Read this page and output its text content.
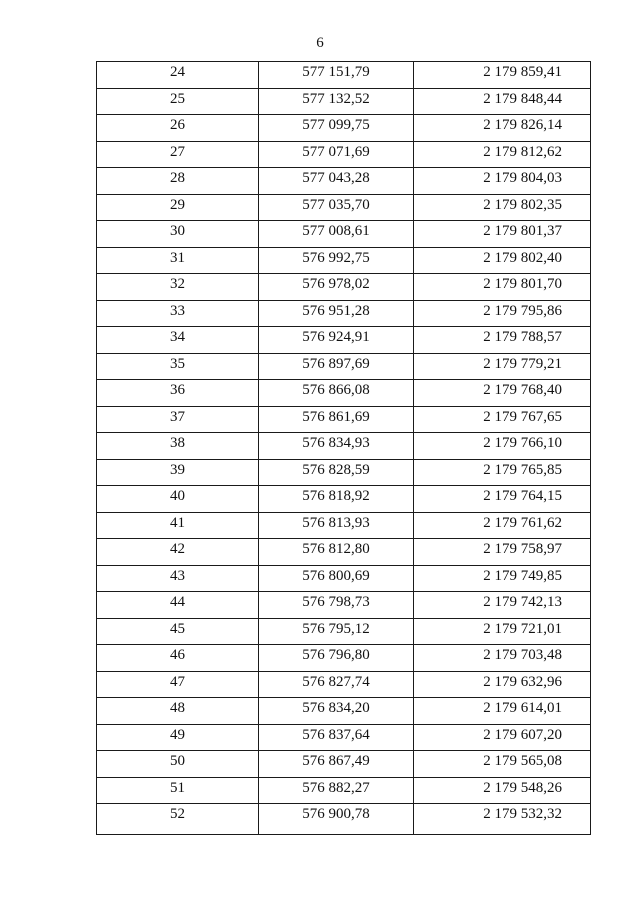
6
24	577 151,79	2 179 859,41
25	577 132,52	2 179 848,44
26	577 099,75	2 179 826,14
27	577 071,69	2 179 812,62
28	577 043,28	2 179 804,03
29	577 035,70	2 179 802,35
30	577 008,61	2 179 801,37
31	576 992,75	2 179 802,40
32	576 978,02	2 179 801,70
33	576 951,28	2 179 795,86
34	576 924,91	2 179 788,57
35	576 897,69	2 179 779,21
36	576 866,08	2 179 768,40
37	576 861,69	2 179 767,65
38	576 834,93	2 179 766,10
39	576 828,59	2 179 765,85
40	576 818,92	2 179 764,15
41	576 813,93	2 179 761,62
42	576 812,80	2 179 758,97
43	576 800,69	2 179 749,85
44	576 798,73	2 179 742,13
45	576 795,12	2 179 721,01
46	576 796,80	2 179 703,48
47	576 827,74	2 179 632,96
48	576 834,20	2 179 614,01
49	576 837,64	2 179 607,20
50	576 867,49	2 179 565,08
51	576 882,27	2 179 548,26
52	576 900,78	2 179 532,32
